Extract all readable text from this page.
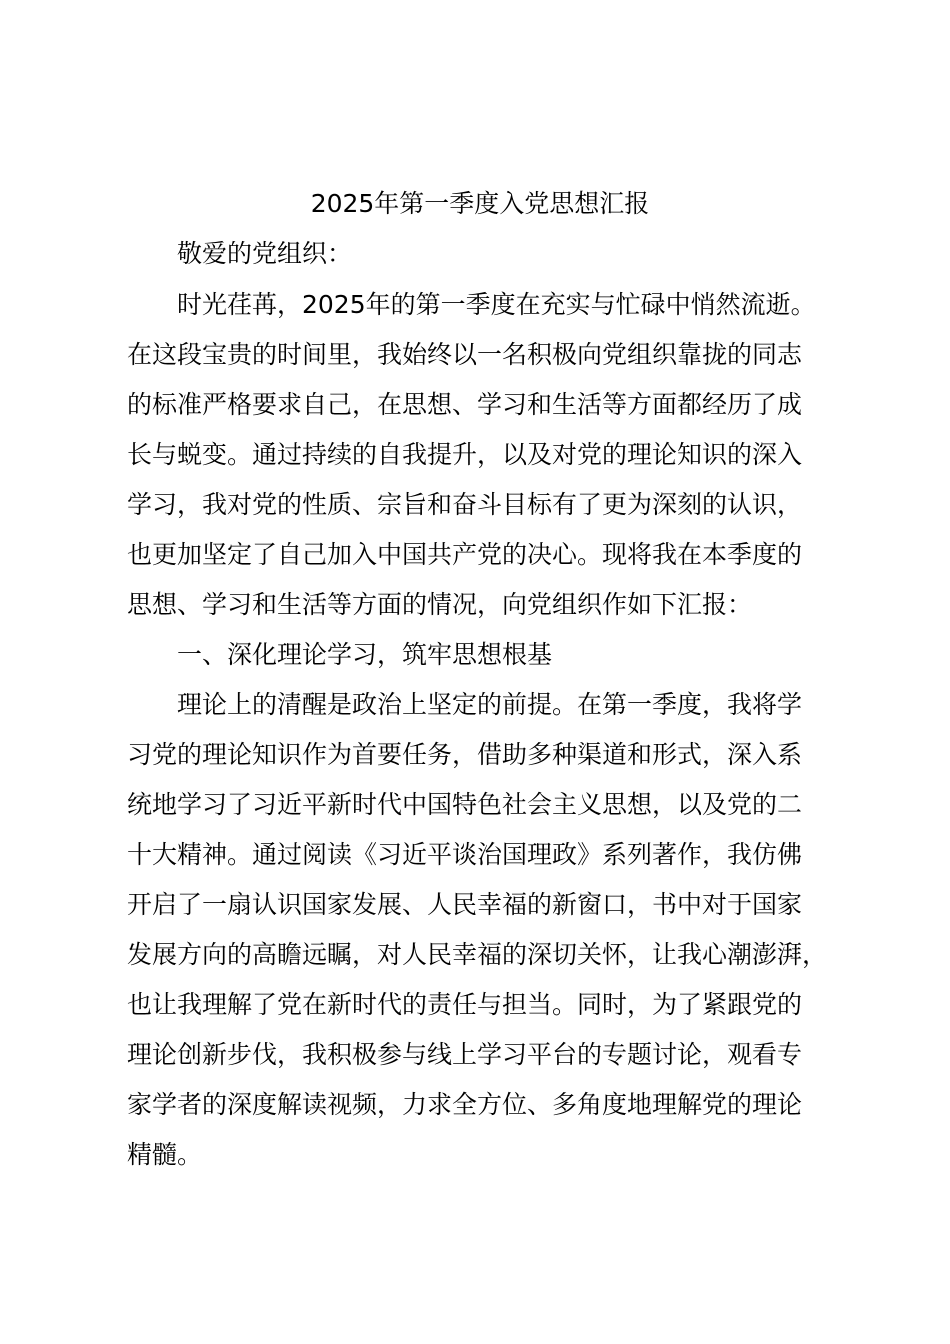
2025年第一季度入党思想汇报
敬爱的党组织：
时光荏苒，2025年的第一季度在充实与忙碌中悄然流逝。
在这段宝贵的时间里，我始终以一名积极向党组织靠拢的同志
的标准严格要求自己，在思想、学习和生活等方面都经历了成
长与蜕变。通过持续的自我提升，以及对党的理论知识的深入
学习，我对党的性质、宗旨和奋斗目标有了更为深刻的认识，
也更加坚定了自己加入中国共产党的决心。现将我在本季度的
思想、学习和生活等方面的情况，向党组织作如下汇报：
一、深化理论学习，筑牢思想根基
理论上的清醒是政治上坚定的前提。在第一季度，我将学
习党的理论知识作为首要任务，借助多种渠道和形式，深入系
统地学习了习近平新时代中国特色社会主义思想，以及党的二
十大精神。通过阅读《习近平谈治国理政》系列著作，我仿佛
开启了一扇认识国家发展、人民幸福的新窗口，书中对于国家
发展方向的高瞻远瞩，对人民幸福的深切关怀，让我心潮澎湃，
也让我理解了党在新时代的责任与担当。同时，为了紧跟党的
理论创新步伐，我积极参与线上学习平台的专题讨论，观看专
家学者的深度解读视频，力求全方位、多角度地理解党的理论
精髓。
